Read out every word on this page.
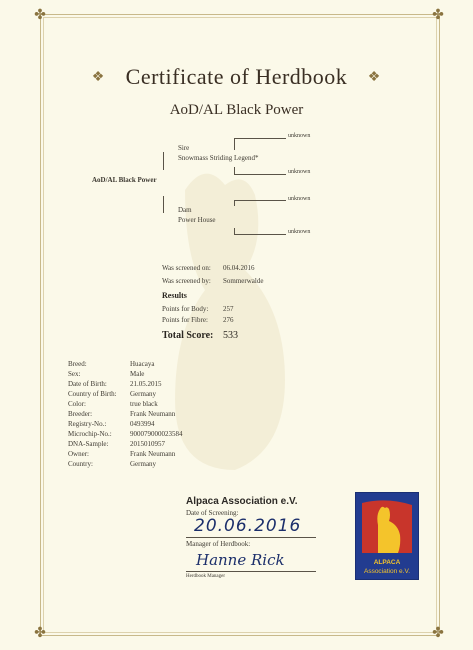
✤	✤
✤	✤
❖	❖
Certificate of Herdbook
AoD/AL Black Power
AoD/AL Black Power
Sire
Snowmass Striding Legend*
Dam
Power House
unknown
unknown
unknown
unknown
Was screened on: 06.04.2016
Was screened by: Sommerwalde
Results
Points for Body: 257
Points for Fibre: 276
Total Score: 533
Breed:	Huacaya
Sex:	Male
Date of Birth:	21.05.2015
Country of Birth: Germany
Color:	true black
Breeder:	Frank Neumann
Registry-No.:	0493994
Microchip-No.:	900079000023584
DNA-Sample:	2015010957
Owner:	Frank Neumann
Country:	Germany
Alpaca Association e.V.
Date of Screening:
20.06.2016
Manager of Herdbook:
Hanne Rick
Herdbook Manager
ALPACA
Association e.V.
